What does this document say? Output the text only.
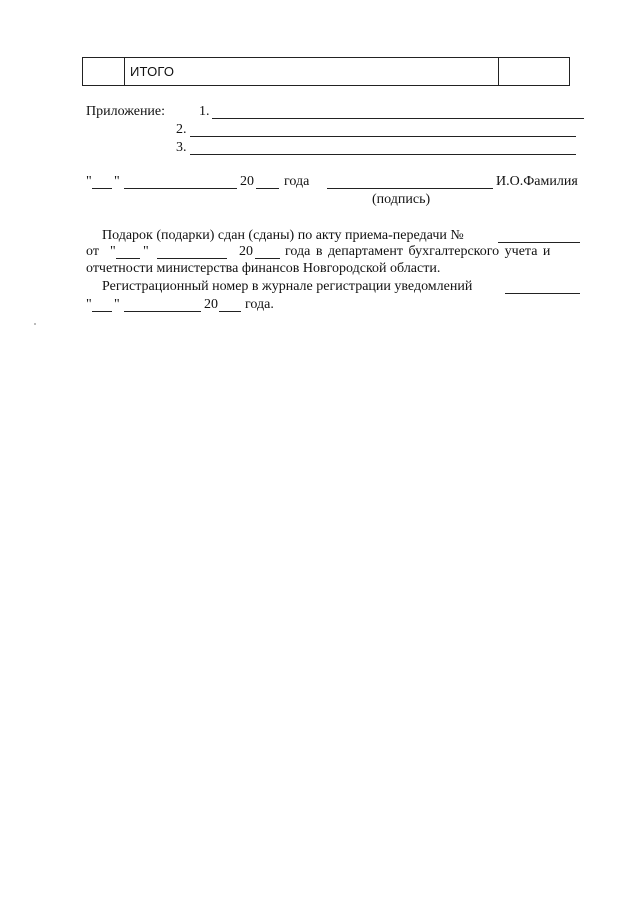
ИТОГО
Приложение: 1.
2.
3.
" "	20 года	И.О.Фамилия
(подпись)
Подарок (подарки) сдан (сданы) по акту приема-передачи №
от " "	20 года в департамент бухгалтерского учета и
отчетности министерства финансов Новгородской области.
Регистрационный номер в журнале регистрации уведомлений
" "	20 года.
